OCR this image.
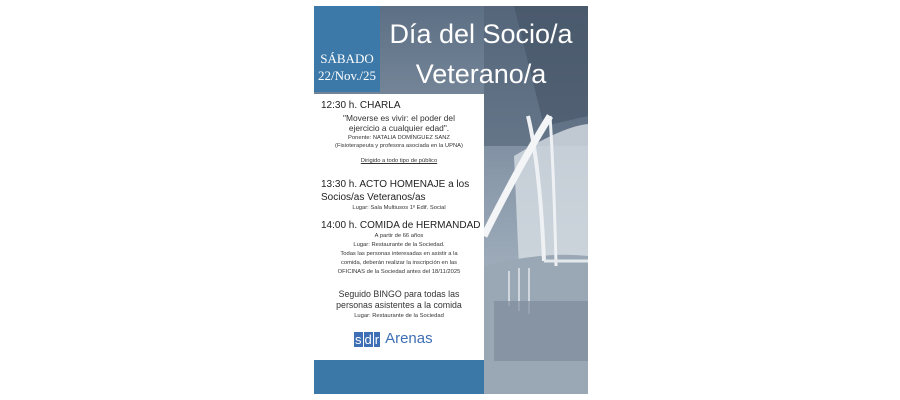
SÁBADO
22/Nov./25
Día del Socio/a
Veterano/a
12:30 h. CHARLA
"Moverse es vivir: el poder del
ejercicio a cualquier edad".
Ponente: NATALIA DOMÍNGUEZ SANZ
(Fisioterapeuta y profesora asociada en la UPNA)
Dirigido a todo tipo de público
13:30 h. ACTO HOMENAJE a los
Socios/as Veteranos/as
Lugar: Sala Multiusos 1º Edif. Social
14:00 h. COMIDA de HERMANDAD
A partir de 66 años
Lugar: Restaurante de la Sociedad.
Todas las personas interesadas en asistir a la
comida, deberán realizar la inscripción en las
OFICINAS de la Sociedad antes del 18/11/2025
Seguido BINGO para todas las
personas asistentes a la comida
Lugar: Restaurante de la Sociedad
s d r Arenas
